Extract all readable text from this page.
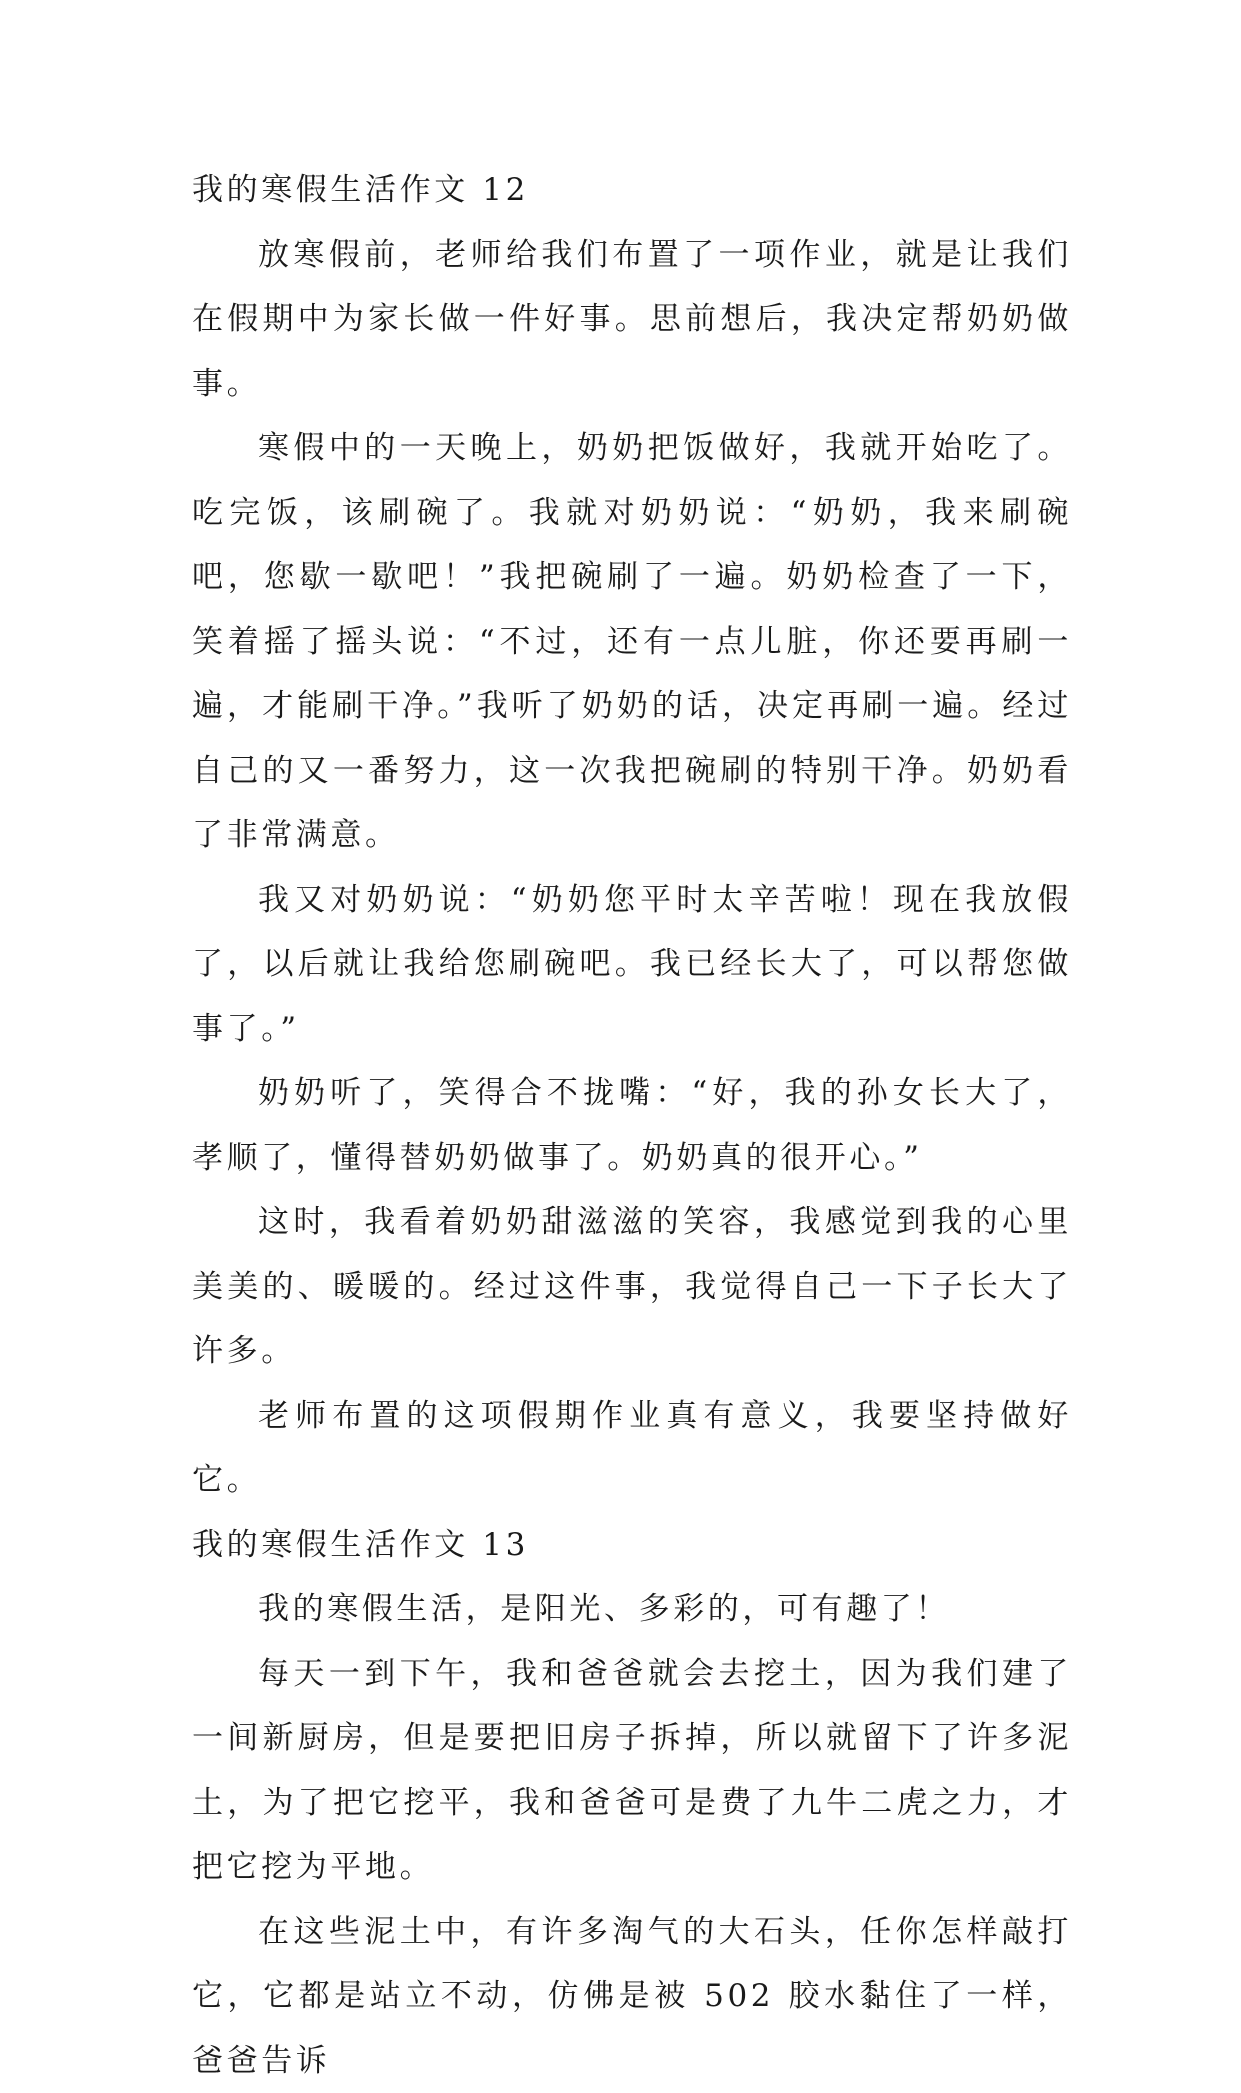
我的寒假生活作文 12

放寒假前，老师给我们布置了一项作业，就是让我们在假期中为家长做一件好事。思前想后，我决定帮奶奶做事。

寒假中的一天晚上，奶奶把饭做好，我就开始吃了。吃完饭，该刷碗了。我就对奶奶说：“奶奶，我来刷碗吧，您歇一歇吧！”我把碗刷了一遍。奶奶检查了一下，笑着摇了摇头说：“不过，还有一点儿脏，你还要再刷一遍，才能刷干净。”我听了奶奶的话，决定再刷一遍。经过自己的又一番努力，这一次我把碗刷的特别干净。奶奶看了非常满意。

我又对奶奶说：“奶奶您平时太辛苦啦！现在我放假了，以后就让我给您刷碗吧。我已经长大了，可以帮您做事了。”

奶奶听了，笑得合不拢嘴：“好，我的孙女长大了，孝顺了，懂得替奶奶做事了。奶奶真的很开心。”

这时，我看着奶奶甜滋滋的笑容，我感觉到我的心里美美的、暖暖的。经过这件事，我觉得自己一下子长大了许多。

老师布置的这项假期作业真有意义，我要坚持做好它。

我的寒假生活作文 13

我的寒假生活，是阳光、多彩的，可有趣了！

每天一到下午，我和爸爸就会去挖土，因为我们建了一间新厨房，但是要把旧房子拆掉，所以就留下了许多泥土，为了把它挖平，我和爸爸可是费了九牛二虎之力，才把它挖为平地。

在这些泥土中，有许多淘气的大石头，任你怎样敲打它，它都是站立不动，仿佛是被 502 胶水黏住了一样，爸爸告诉
